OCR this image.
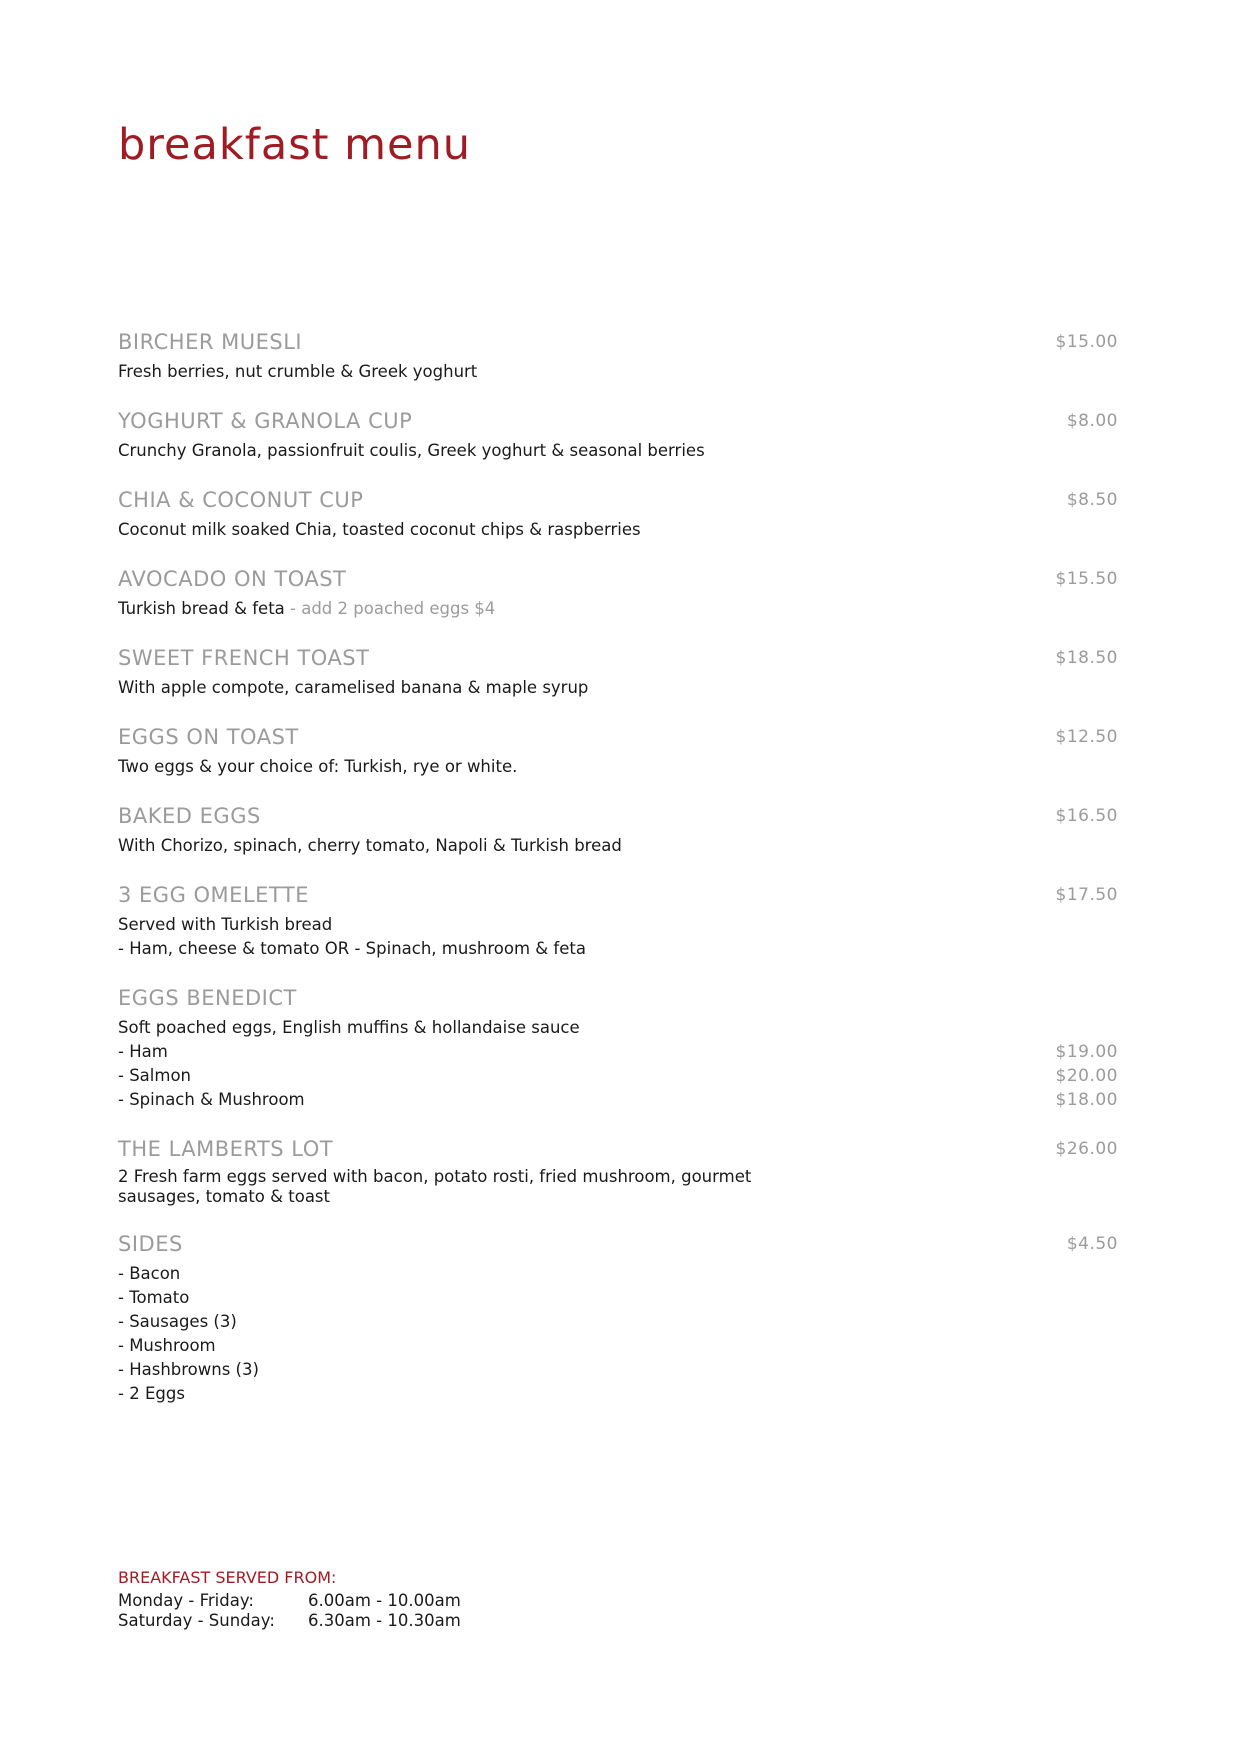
breakfast menu
BIRCHER MUESLI	$15.00
Fresh berries, nut crumble & Greek yoghurt
YOGHURT & GRANOLA CUP	$8.00
Crunchy Granola, passionfruit coulis, Greek yoghurt & seasonal berries
CHIA & COCONUT CUP	$8.50
Coconut milk soaked Chia, toasted coconut chips & raspberries
AVOCADO ON TOAST	$15.50
Turkish bread & feta - add 2 poached eggs $4
SWEET FRENCH TOAST	$18.50
With apple compote, caramelised banana & maple syrup
EGGS ON TOAST	$12.50
Two eggs & your choice of: Turkish, rye or white.
BAKED EGGS	$16.50
With Chorizo, spinach, cherry tomato, Napoli & Turkish bread
3 EGG OMELETTE	$17.50
Served with Turkish bread
- Ham, cheese & tomato OR - Spinach, mushroom & feta
EGGS BENEDICT
Soft poached eggs, English muffins & hollandaise sauce
- Ham	$19.00
- Salmon	$20.00
- Spinach & Mushroom	$18.00
THE LAMBERTS LOT	$26.00
2 Fresh farm eggs served with bacon, potato rosti, fried mushroom, gourmet sausages, tomato & toast
SIDES	$4.50
- Bacon
- Tomato
- Sausages (3)
- Mushroom
- Hashbrowns (3)
- 2 Eggs
BREAKFAST SERVED FROM:
Monday - Friday:	6.00am - 10.00am
Saturday - Sunday:	6.30am - 10.30am
